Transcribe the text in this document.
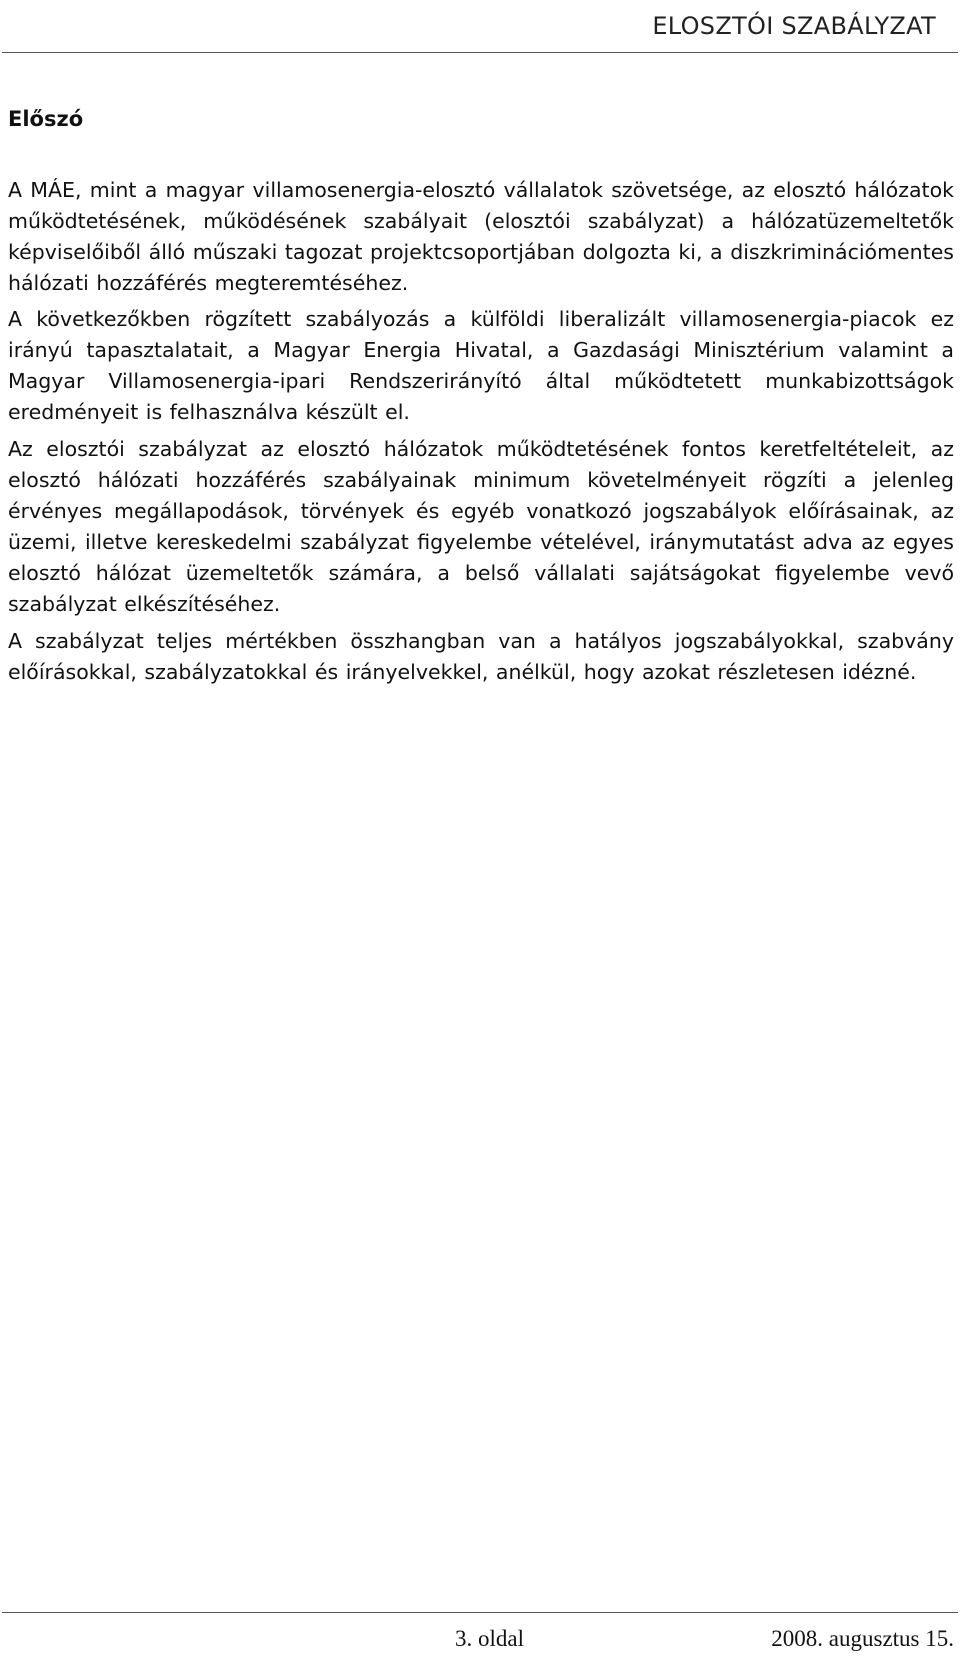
ELOSZTÓI SZABÁLYZAT
Előszó

A MÁE, mint a magyar villamosenergia-elosztó vállalatok szövetsége, az elosztó hálózatok működtetésének, működésének szabályait (elosztói szabályzat) a hálózatüzemeltetők képviselőiből álló műszaki tagozat projektcsoportjában dolgozta ki, a diszkriminációmentes hálózati hozzáférés megteremtéséhez.

A következőkben rögzített szabályozás a külföldi liberalizált villamosenergia-piacok ez irányú tapasztalatait, a Magyar Energia Hivatal, a Gazdasági Minisztérium valamint a Magyar Villamosenergia-ipari Rendszerirányító által működtetett munkabizottságok eredményeit is felhasználva készült el.

Az elosztói szabályzat az elosztó hálózatok működtetésének fontos keretfeltételeit, az elosztó hálózati hozzáférés szabályainak minimum követelményeit rögzíti a jelenleg érvényes megállapodások, törvények és egyéb vonatkozó jogszabályok előírásainak, az üzemi, illetve kereskedelmi szabályzat figyelembe vételével, iránymutatást adva az egyes elosztó hálózat üzemeltetők számára, a belső vállalati sajátságokat figyelembe vevő szabályzat elkészítéséhez.

A szabályzat teljes mértékben összhangban van a hatályos jogszabályokkal, szabvány előírásokkal, szabályzatokkal és irányelvekkel, anélkül, hogy azokat részletesen idézné.

3. oldal	2008. augusztus 15.
